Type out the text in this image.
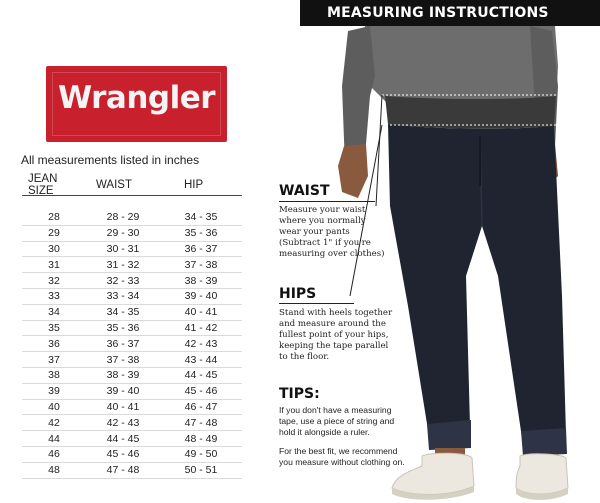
MEASURING INSTRUCTIONS
Wrangler
All measurements listed in inches
JEAN SIZE	WAIST	HIP
28	28 - 29	34 - 35
29	29 - 30	35 - 36
30	30 - 31	36 - 37
31	31 - 32	37 - 38
32	32 - 33	38 - 39
33	33 - 34	39 - 40
34	34 - 35	40 - 41
35	35 - 36	41 - 42
36	36 - 37	42 - 43
37	37 - 38	43 - 44
38	38 - 39	44 - 45
39	39 - 40	45 - 46
40	40 - 41	46 - 47
42	42 - 43	47 - 48
44	44 - 45	48 - 49
46	45 - 46	49 - 50
48	47 - 48	50 - 51
WAIST
Measure your waist
where you normally
wear your pants
(Subtract 1" if you're
measuring over clothes)
HIPS
Stand with heels together
and measure around the
fullest point of your hips,
keeping the tape parallel
to the floor.
TIPS:
If you don't have a measuring
tape, use a piece of string and
hold it alongside a ruler.
For the best fit, we recommend
you measure without clothing on.
